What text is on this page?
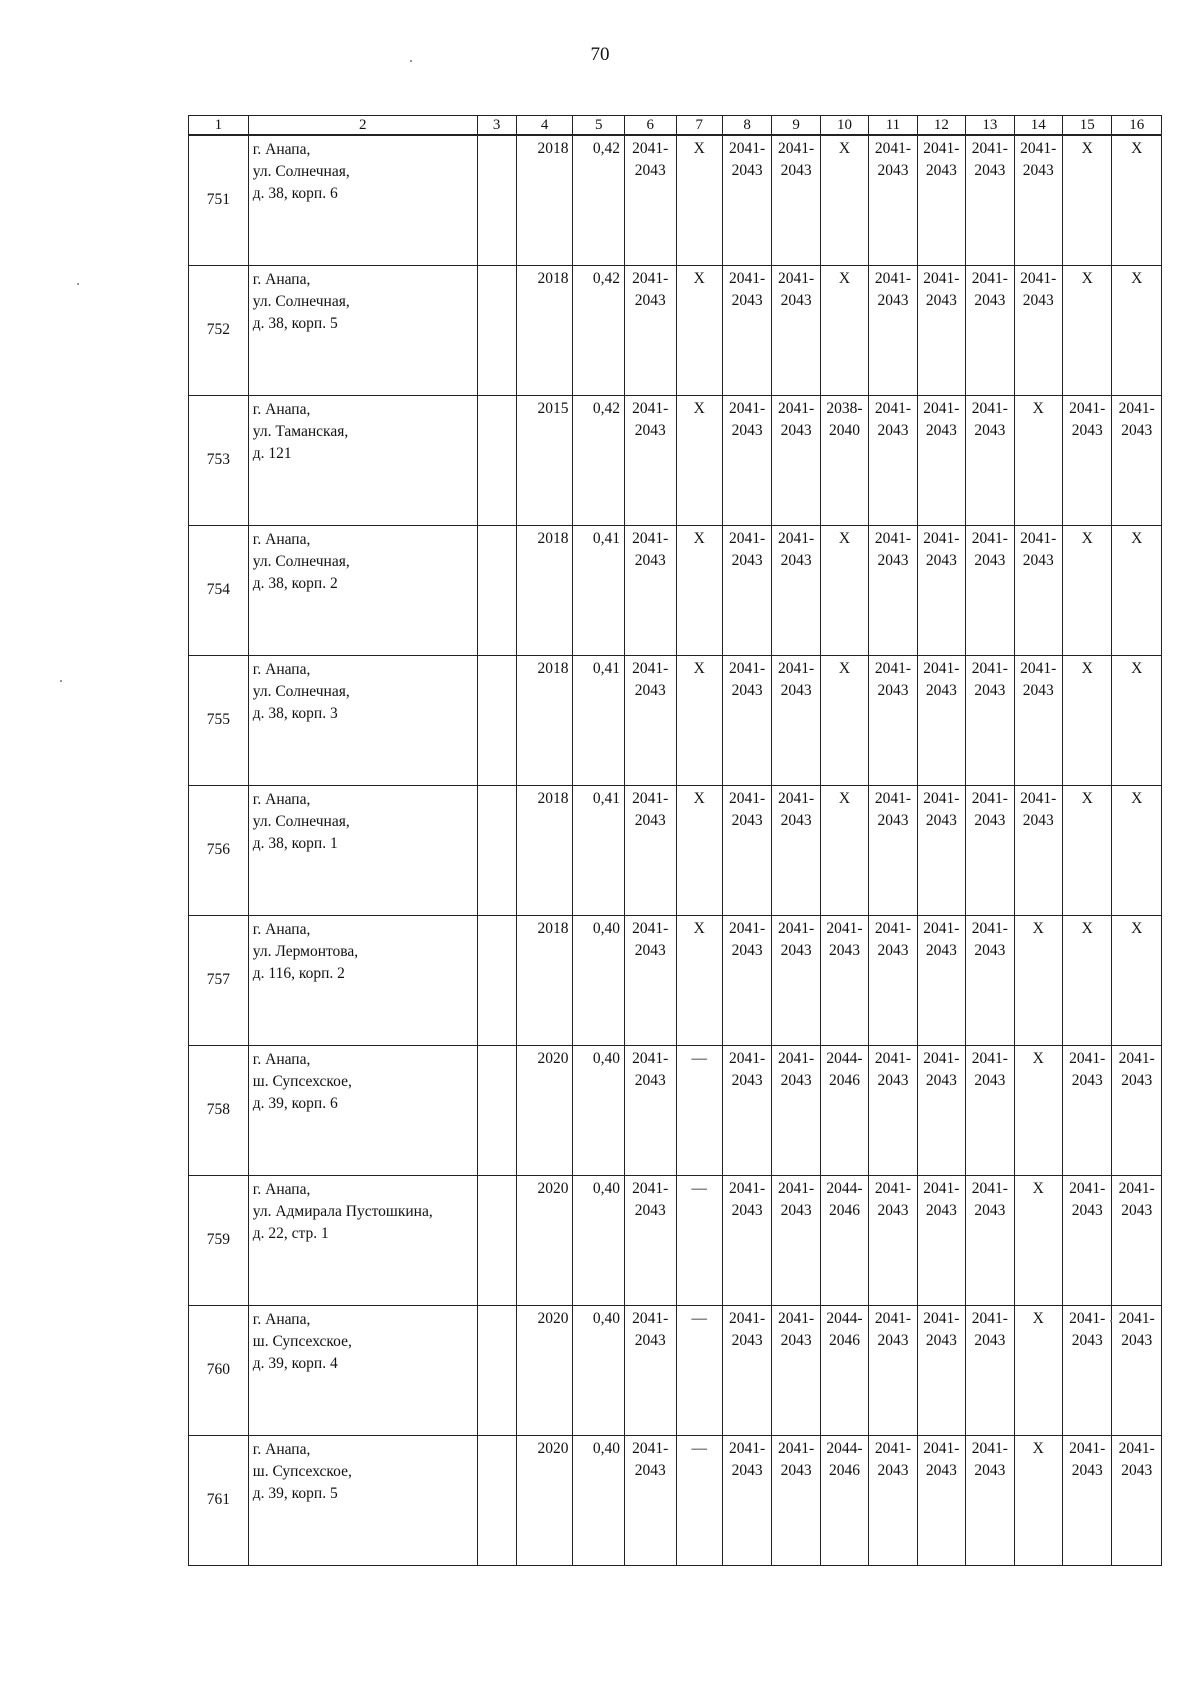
70
1	2	3	4	5	6	7	8	9	10	11	12	13	14	15	16
751	г. Анапа,
ул. Солнечная,
д. 38, корп. 6		2018	0,42	2041-
2043	Х	2041-
2043	2041-
2043	Х	2041-
2043	2041-
2043	2041-
2043	2041-
2043	Х	Х
752	г. Анапа,
ул. Солнечная,
д. 38, корп. 5		2018	0,42	2041-
2043	Х	2041-
2043	2041-
2043	Х	2041-
2043	2041-
2043	2041-
2043	2041-
2043	Х	Х
753	г. Анапа,
ул. Таманская,
д. 121		2015	0,42	2041-
2043	Х	2041-
2043	2041-
2043	2038-
2040	2041-
2043	2041-
2043	2041-
2043	Х	2041-
2043	2041-
2043

754	г. Анапа,
ул. Солнечная,
д. 38, корп. 2		2018	0,41	2041-
2043	Х	2041-
2043	2041-
2043	Х	2041-
2043	2041-
2043	2041-
2043	2041-
2043	Х	Х
755	г. Анапа,
ул. Солнечная,
д. 38, корп. 3		2018	0,41	2041-
2043	Х	2041-
2043	2041-
2043	Х	2041-
2043	2041-
2043	2041-
2043	2041-
2043	Х	Х
756	г. Анапа,
ул. Солнечная,
д. 38, корп. 1		2018	0,41	2041-
2043	Х	2041-
2043	2041-
2043	Х	2041-
2043	2041-
2043	2041-
2043	2041-
2043	Х	Х
757	г. Анапа,
ул. Лермонтова,
д. 116, корп. 2		2018	0,40	2041-
2043	Х	2041-
2043	2041-
2043	2041-
2043	2041-
2043	2041-
2043	2041-
2043	Х	Х	Х
758	г. Анапа,
ш. Супсехское,
д. 39, корп. 6		2020	0,40	2041-
2043	—	2041-
2043	2041-
2043	2044-
2046	2041-
2043	2041-
2043	2041-
2043	Х	2041-
2043	2041-
2043

759	г. Анапа,
ул. Адмирала Пустошкина,
д. 22, стр. 1		2020	0,40	2041-
2043	—	2041-
2043	2041-
2043	2044-
2046	2041-
2043	2041-
2043	2041-
2043	Х	2041-
2043	2041-
2043

760	г. Анапа,
ш. Супсехское,
д. 39, корп. 4		2020	0,40	2041-
2043	—	2041-
2043	2041-
2043	2044-
2046	2041-
2043	2041-
2043	2041-
2043	Х	2041-
2043	2041-
2043

761	г. Анапа,
ш. Супсехское,
д. 39, корп. 5		2020	0,40	2041-
2043	—	2041-
2043	2041-
2043	2044-
2046	2041-
2043	2041-
2043	2041-
2043	Х	2041-
2043	2041-
2043
